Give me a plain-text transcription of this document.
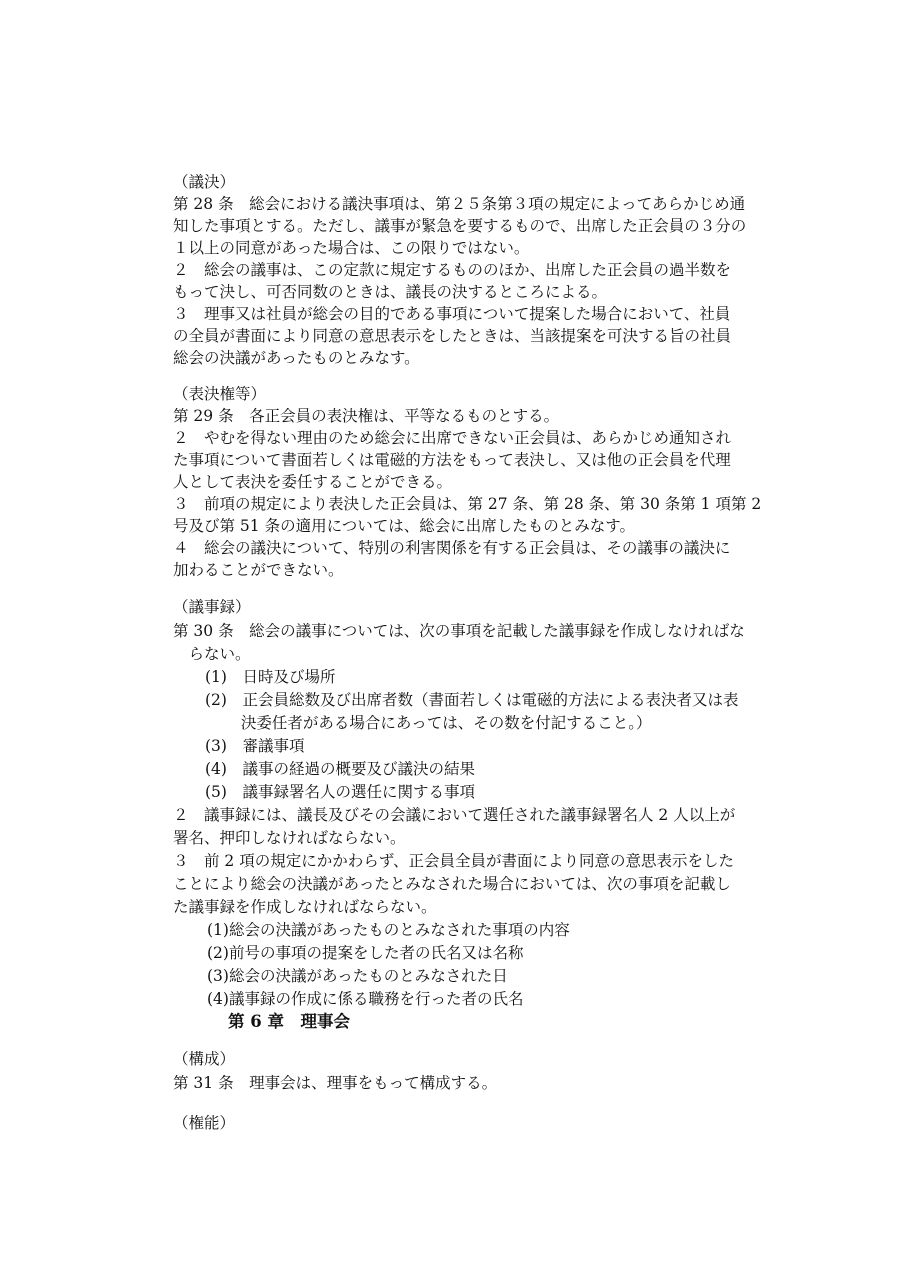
（議決）
第 28 条　総会における議決事項は、第２５条第３項の規定によってあらかじめ通
知した事項とする。ただし、議事が緊急を要するもので、出席した正会員の３分の
１以上の同意があった場合は、この限りではない。
２　総会の議事は、この定款に規定するもののほか、出席した正会員の過半数を
もって決し、可否同数のときは、議長の決するところによる。
３　理事又は社員が総会の目的である事項について提案した場合において、社員
の全員が書面により同意の意思表示をしたときは、当該提案を可決する旨の社員
総会の決議があったものとみなす。
（表決権等）
第 29 条　各正会員の表決権は、平等なるものとする。
２　やむを得ない理由のため総会に出席できない正会員は、あらかじめ通知され
た事項について書面若しくは電磁的方法をもって表決し、又は他の正会員を代理
人として表決を委任することができる。
３　前項の規定により表決した正会員は、第 27 条、第 28 条、第 30 条第 1 項第 2
号及び第 51 条の適用については、総会に出席したものとみなす。
４　総会の議決について、特別の利害関係を有する正会員は、その議事の議決に
加わることができない。
（議事録）
第 30 条　総会の議事については、次の事項を記載した議事録を作成しなければな
　らない。
(1)　日時及び場所
(2)　正会員総数及び出席者数（書面若しくは電磁的方法による表決者又は表
　　 決委任者がある場合にあっては、その数を付記すること。）
(3)　審議事項
(4)　議事の経過の概要及び議決の結果
(5)　議事録署名人の選任に関する事項
２　議事録には、議長及びその会議において選任された議事録署名人 2 人以上が
署名、押印しなければならない。
３　前 2 項の規定にかかわらず、正会員全員が書面により同意の意思表示をした
ことにより総会の決議があったとみなされた場合においては、次の事項を記載し
た議事録を作成しなければならない。
(1)総会の決議があったものとみなされた事項の内容
(2)前号の事項の提案をした者の氏名又は名称
(3)総会の決議があったものとみなされた日
(4)議事録の作成に係る職務を行った者の氏名
第 6 章　理事会
（構成）
第 31 条　理事会は、理事をもって構成する。
（権能）
